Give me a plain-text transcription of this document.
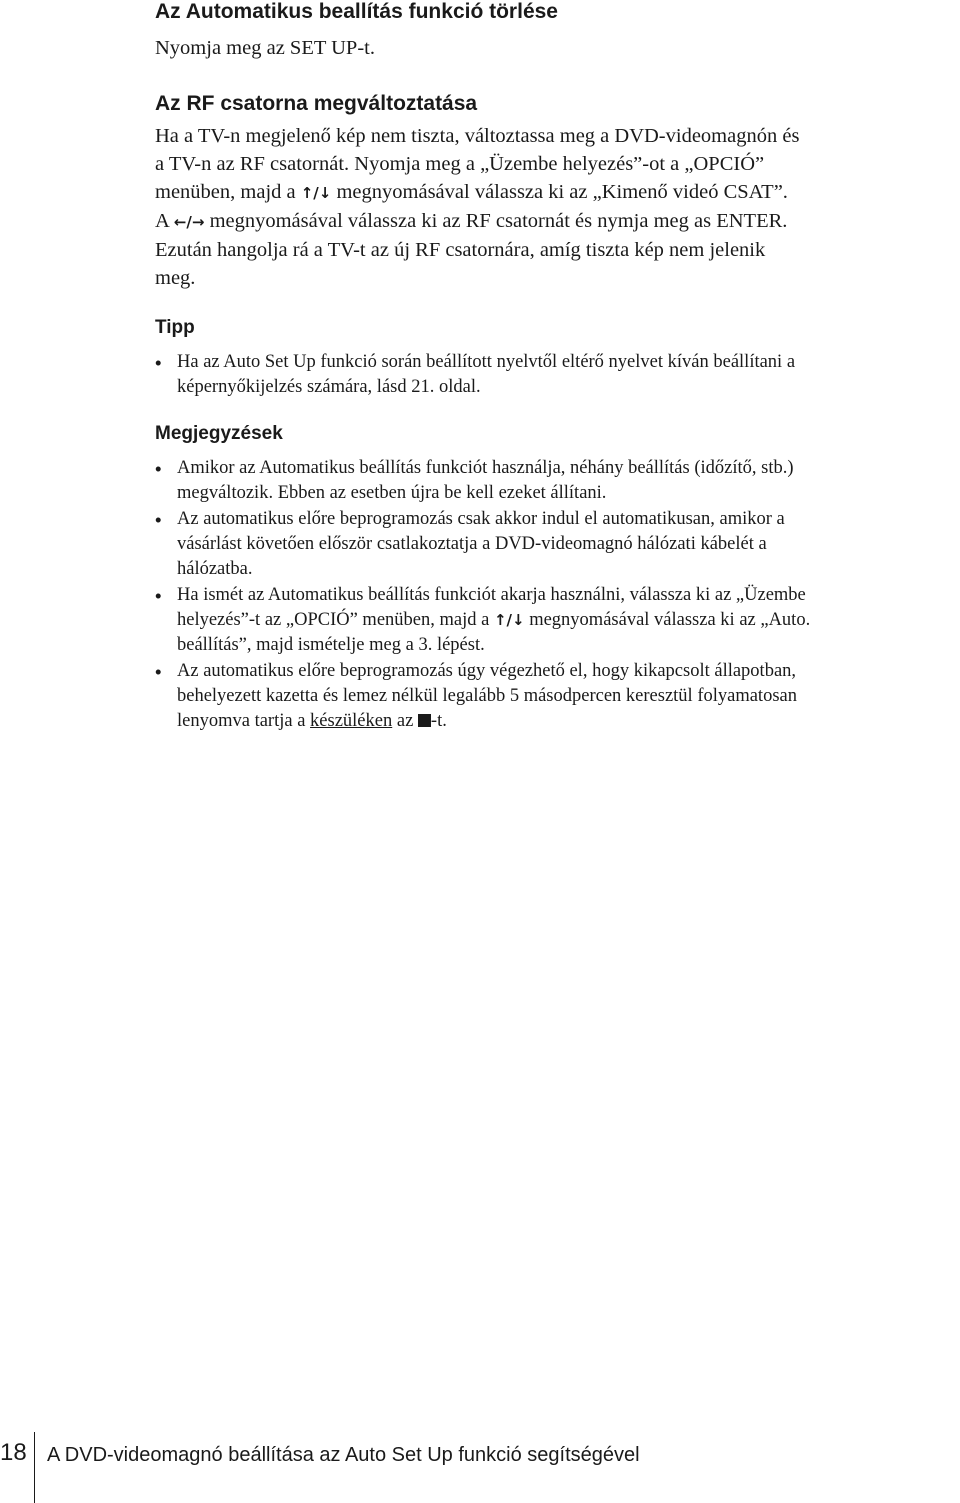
Az Automatikus beallítás funkció törlése

Nyomja meg az SET UP-t.

Az RF csatorna megváltoztatása

Ha a TV-n megjelenő kép nem tiszta, változtassa meg a DVD-videomagnón és

a TV-n az RF csatornát. Nyomja meg a „Üzembe helyezés”-ot a „OPCIÓ”

menüben, majd a ↑/↓ megnyomásával válassza ki az „Kimenő videó CSAT”.

A ←/→ megnyomásával válassza ki az RF csatornát és nymja meg as ENTER.

Ezután hangolja rá a TV-t az új RF csatornára, amíg tiszta kép nem jelenik

meg.

Tipp
• Ha az Auto Set Up funkció során beállított nyelvtől eltérő nyelvet kíván beállítani a
képernyőkijelzés számára, lásd 21. oldal.
Megjegyzések
• Amikor az Automatikus beállítás funkciót használja, néhány beállítás (időzítő, stb.)
megváltozik. Ebben az esetben újra be kell ezeket állítani.
• Az automatikus előre beprogramozás csak akkor indul el automatikusan, amikor a
vásárlást követően először csatlakoztatja a DVD-videomagnó hálózati kábelét a
hálózatba.
• Ha ismét az Automatikus beállítás funkciót akarja használni, válassza ki az „Üzembe
helyezés”-t az „OPCIÓ” menüben, majd a ↑/↓ megnyomásával válassza ki az „Auto.
beállítás”, majd ismételje meg a 3. lépést.
• Az automatikus előre beprogramozás úgy végezhető el, hogy kikapcsolt állapotban,
behelyezett kazetta és lemez nélkül legalább 5 másodpercen keresztül folyamatosan
lenyomva tartja a készüléken az -t.
18 A DVD-videomagnó beállítása az Auto Set Up funkció segítségével
